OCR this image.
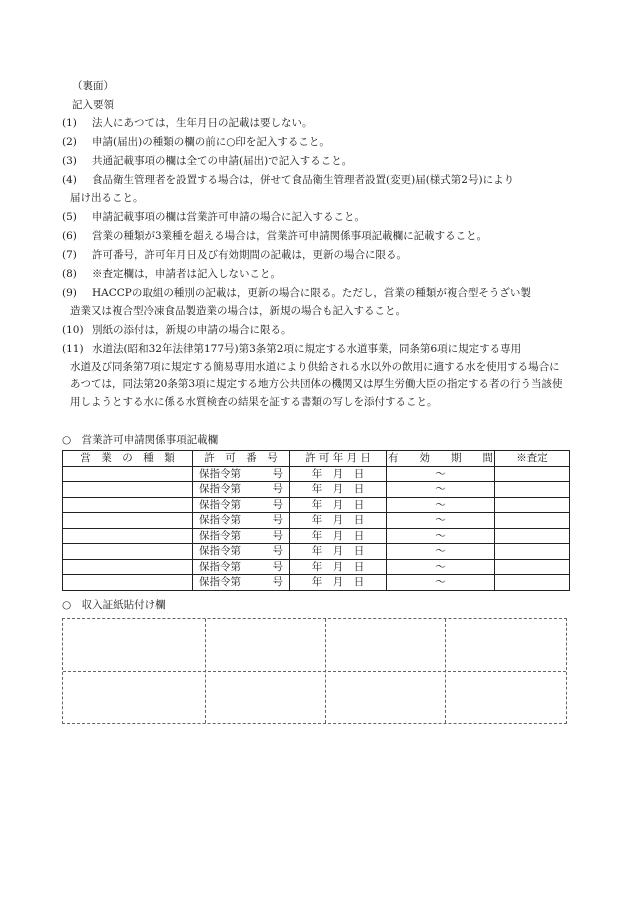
（裏面）
記入要領
(1) 法人にあつては，生年月日の記載は要しない。
(2) 申請(届出)の種類の欄の前に○印を記入すること。
(3) 共通記載事項の欄は全ての申請(届出)で記入すること。
(4) 食品衛生管理者を設置する場合は，併せて食品衛生管理者設置(変更)届(様式第2号)により
届け出ること。
(5) 申請記載事項の欄は営業許可申請の場合に記入すること。
(6) 営業の種類が3業種を超える場合は，営業許可申請関係事項記載欄に記載すること。
(7) 許可番号，許可年月日及び有効期間の記載は，更新の場合に限る。
(8) ※査定欄は，申請者は記入しないこと。
(9) HACCPの取組の種別の記載は，更新の場合に限る。ただし，営業の種類が複合型そうざい製
造業又は複合型冷凍食品製造業の場合は，新規の場合も記入すること。
(10) 別紙の添付は，新規の申請の場合に限る。
(11) 水道法(昭和32年法律第177号)第3条第2項に規定する水道事業，同条第6項に規定する専用
水道及び同条第7項に規定する簡易専用水道により供給される水以外の飲用に適する水を使用する場合にあつては，同法第20条第3項に規定する地方公共団体の機関又は厚生労働大臣の指定する者の行う当該使用しようとする水に係る水質検査の結果を証する書類の写しを添付すること。
○　営業許可申請関係事項記載欄
営　業　の　種　類	許　可　番　号	許 可 年 月 日	有　　効　　期　　間	※査定
	保指令第　　　号	年　月　日	～	
	保指令第　　　号	年　月　日	～	
	保指令第　　　号	年　月　日	～	
	保指令第　　　号	年　月　日	～	
	保指令第　　　号	年　月　日	～	
	保指令第　　　号	年　月　日	～	
	保指令第　　　号	年　月　日	～	
	保指令第　　　号	年　月　日	～	
○　収入証紙貼付け欄
